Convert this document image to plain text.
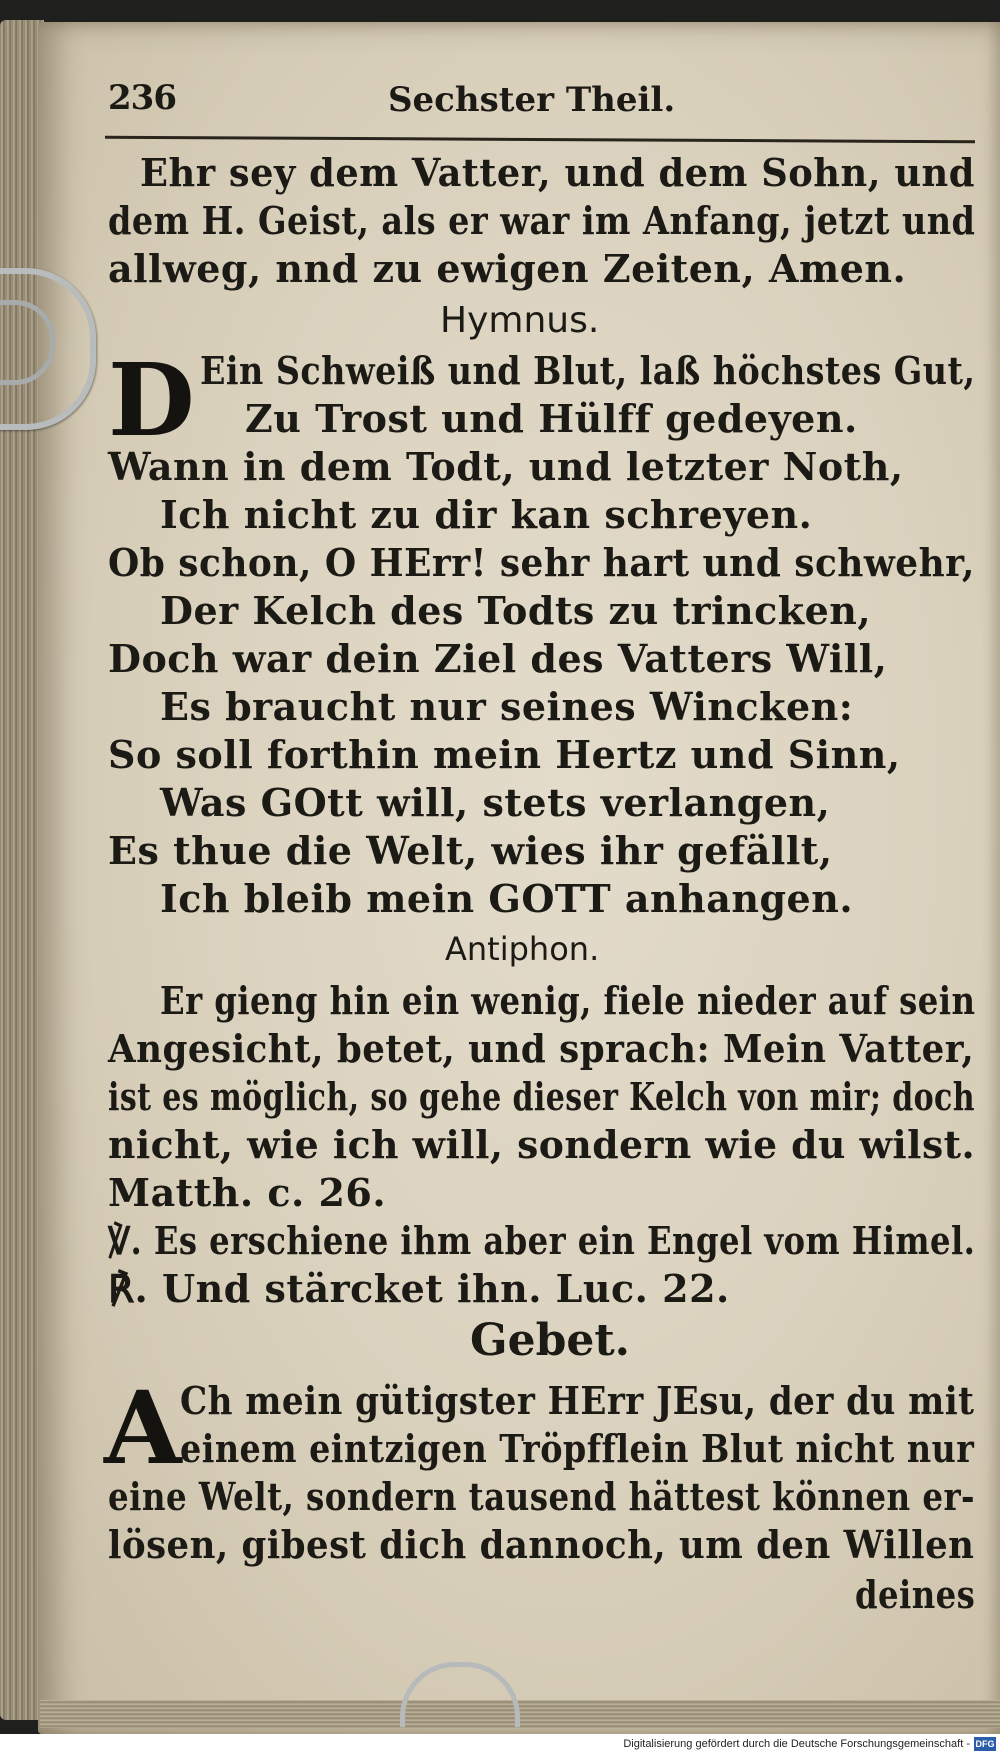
236	Sechster Theil.
Ehr sey dem Vatter, und dem Sohn, und
dem H. Geist, als er war im Anfang, jetzt und
allweg, nnd zu ewigen Zeiten, Amen.
Hymnus.
D Ein Schweiß und Blut, laß höchstes Gut,
Zu Trost und Hülff gedeyen.
Wann in dem Todt, und letzter Noth,
Ich nicht zu dir kan schreyen.
Ob schon, O HErr! sehr hart und schwehr,
Der Kelch des Todts zu trincken,
Doch war dein Ziel des Vatters Will,
Es braucht nur seines Wincken:
So soll forthin mein Hertz und Sinn,
Was GOtt will, stets verlangen,
Es thue die Welt, wies ihr gefällt,
Ich bleib mein GOTT anhangen.
Antiphon.
Er gieng hin ein wenig, fiele nieder auf sein
Angesicht, betet, und sprach: Mein Vatter,
ist es möglich, so gehe dieser Kelch von mir; doch
nicht, wie ich will, sondern wie du wilst.
Matth. c. 26.
℣. Es erschiene ihm aber ein Engel vom Himel.
℟. Und stärcket ihn. Luc. 22.
Gebet.
A
Ch mein gütigster HErr JEsu, der du mit
einem eintzigen Tröpfflein Blut nicht nur
eine Welt, sondern tausend hättest können er-
lösen, gibest dich dannoch, um den Willen
deines
Digitalisierung gefördert durch die Deutsche Forschungsgemeinschaft - DFG
